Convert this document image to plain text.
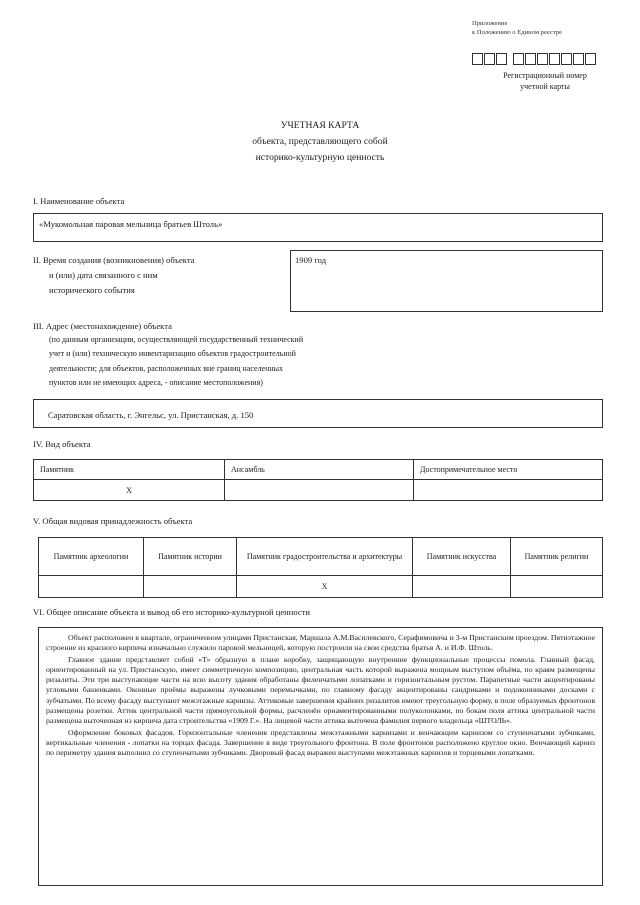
Приложение
к Положению о Едином реестре
Регистрационный номер
учетной карты
УЧЕТНАЯ КАРТА
объекта, представляющего собой
историко-культурную ценность
I. Наименование объекта
«Мукомольная паровая мельница братьев Штоль»
II. Время создания (возникновения) объекта
и (или) дата связанного с ним
исторического события
1909 год
III. Адрес (местонахождение) объекта
(по данным организации, осуществляющей государственный технический
учет и (или) техническую инвентаризацию объектов градостроительной
деятельности; для объектов, расположенных вне границ населенных
пунктов или не имеющих адреса, - описание местоположения)
Саратовская область, г. Энгельс, ул. Пристанская, д. 150
IV. Вид объекта
Памятник	Ансамбль	Достопримечательное место
X		
V. Общая видовая принадлежность объекта
Памятник археологии	Памятник истории	Памятник градостроительства и архитектуры	Памятник искусства	Памятник религии
		X		
VI. Общее описание объекта и вывод об его историко-культурной ценности

Объект расположен в квартале, ограниченном улицами Пристанская, Маршала А.М.Василевского, Серафимовича и 3-м Пристанским проездом. Пятиэтажное строение из красного кирпича изначально служило паровой мельницей, которую построили на свои средства братья А. и И.Ф. Штоль.

Главное здание представляет собой «Т» образную в плане коробку, защищающую внутренние функциональные процессы помола. Главный фасад, ориентированный на ул. Пристанскую, имеет симметричную композицию, центральная часть которой выражена мощным выступом объёма, по краям размещены ризалиты. Эти три выступающие части на всю высоту здания обработаны филенчатыми лопатками и горизонтальным рустом. Парапетные части акцентированы угловыми башенками. Оконные проёмы выражены лучковыми перемычками, по главному фасаду акцентированы сандриками и подоконниками досками с зубчатыми. По всему фасаду выступают межэтажные карнизы. Аттиковые завершения крайних ризалитов имеют треугольную форму, в поле образуемых фронтонов размещены розетки. Аттик центральной части прямоугольной формы, расчленён орнаментированными полуколонками, по бокам поля аттика центральной части размещена выточенная из кирпича дата строительства «1909 Г.». На лицевой части аттика выточена фамилия первого владельца «ШТОЛЬ».

Оформление боковых фасадов. Горизонтальные членения представлены межэтажными карнизами и венчающим карнизом со ступенчатыми зубчиками, вертикальные членения - лопатки на торцах фасада. Завершение в виде треугольного фронтона. В поле фронтонов расположено круглое окно. Венчающий карниз по периметру здания выполнил со ступенчатыми зубчиками. Дворовый фасад выражен выступами межэтажных карнизов и торцевыми лопатками.
